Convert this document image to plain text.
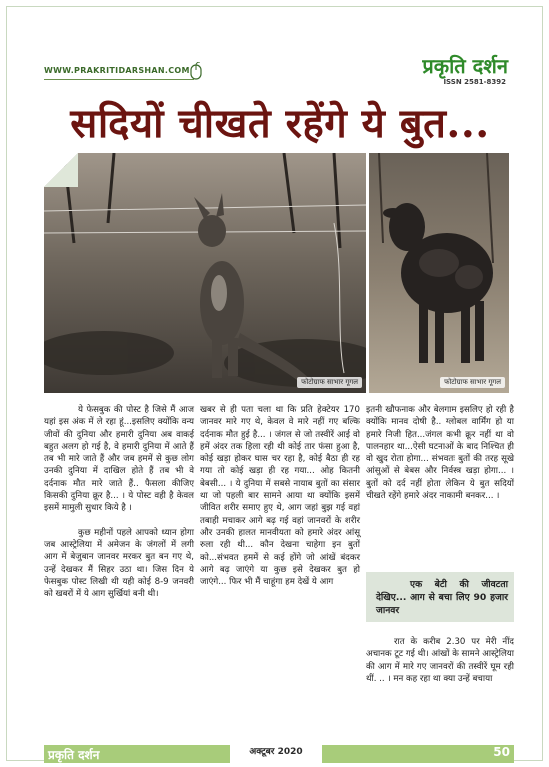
WWW.PRAKRITIDARSHAN.COM	प्रकृति दर्शन
ISSN 2581-8392
सदियों चीखते रहेंगे ये बुत...
फोटोग्राफ साभार गूगल	फोटोग्राफ साभार गूगल

ये फेसबुक की पोस्ट है जिसे मैं आज यहां इस अंक में ले रहा हूं...इसलिए क्योंकि वन्य जीवों की दुनिया और हमारी दुनिया अब वाकई बहुत अलग हो गई है, वे हमारी दुनिया में आते हैं तब भी मारे जाते हैं और जब हममें से कुछ लोग उनकी दुनिया में दाखिल होते हैं तब भी वे दर्दनाक मौत मारे जाते हैं.. फैसला कीजिए किसकी दुनिया क्रूर है... । ये पोस्ट वही है केवल इसमें मामुली सुधार किये है ।

कुछ महीनों पहले आपको ध्यान होगा जब आस्ट्रेलिया में अमेजन के जंगलों में लगी आग में बेजुबान जानवर मरकर बुत बन गए थे, उन्हें देखकर मैं सिहर उठा था। जिस दिन ये फेसबुक पोस्ट लिखी थी यही कोई 8-9 जनवरी को खबरों में ये आग सुर्खियां बनी थी।

खबर से ही पता चला था कि प्रति हेक्टेयर 170 जानवर मारे गए थे, केवल वे मारे नहीं गए बल्कि दर्दनाक मौत हुई है... । जंगल से जो तस्वीरें आई वो हमें अंदर तक हिला रही थी कोई तार फंसा हुआ है, कोई खड़ा होकर घास चर रहा है, कोई बैठा ही रह गया तो कोई खड़ा ही रह गया... ओह कितनी बेबसी... । ये दुनिया में सबसे नायाब बुतों का संसार था जो पहली बार सामने आया था क्योंकि इसमें जीवित शरीर समाए हुए थे, आग जहां बुझ गई वहां तबाही मचाकर आगे बढ़ गई वहां जानवरों के शरीर और उनकी हालत मानवीयता को हमारे अंदर आंसू रुला रही थी... कौन देखना चाहेगा इन बुतों को...संभवत हममें से कई होंगे जो आंखें बंदकर आगे बढ़ जाएंगे या कुछ इसे देखकर बुत हो जाएंगे... फिर भी मैं चाहूंगा हम देखें ये आग

इतनी खौफनाक और बेलगाम इसलिए हो रही है क्योंकि मानव दोषी है.. ग्लोबल वार्मिंग हो या हमारे निजी हित...जंगल कभी क्रूर नहीं था वो पालनहार था...ऐसी घटनाओं के बाद निश्चित ही वो खुद रोता होगा... संभवतः बुतों की तरह सूखे आंसुओं से बेबस और निर्वस्त्र खड़ा होगा... । बुतों को दर्द नहीं होता लेकिन ये बुत सदियों चीखते रहेंगे हमारे अंदर नाकामी बनकर... ।

एक बेटी की जीवटता देखिए... आग से बचा लिए 90 हजार जानवर

रात के करीब 2.30 पर मेरी नींद अचानक टूट गई थी। आंखों के सामने आस्ट्रेलिया की आग में मारे गए जानवरों की तस्वीरें घूम रही थीं. .. । मन कह रहा था क्या उन्हें बचाया

प्रकृति दर्शन	अक्टूबर 2020	50
